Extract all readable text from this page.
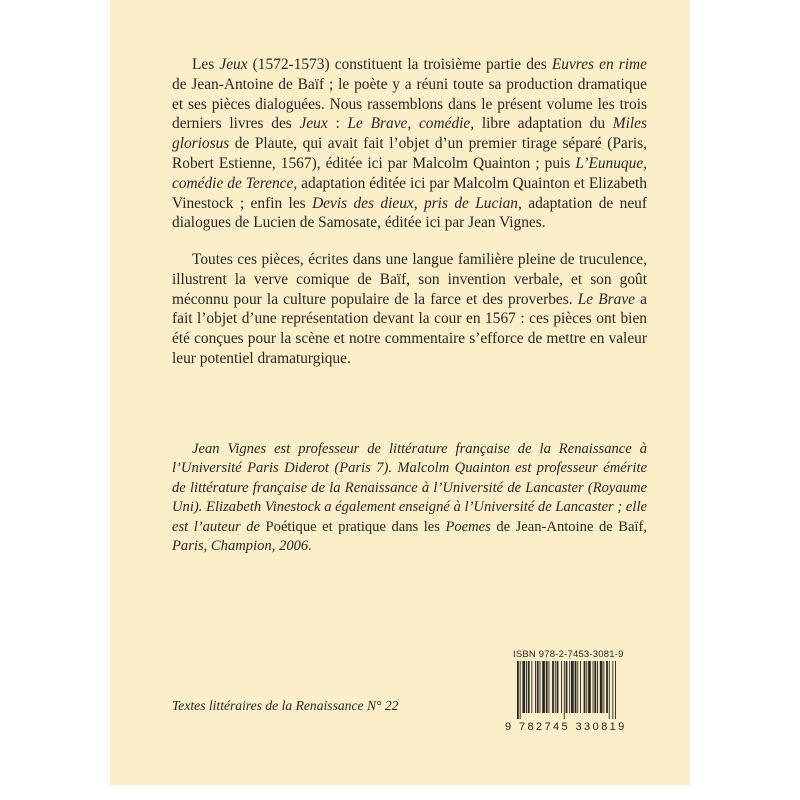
Les Jeux (1572-1573) constituent la troisième partie des Euvres en rime de Jean-Antoine de Baïf ; le poète y a réuni toute sa production dramatique et ses pièces dialoguées. Nous rassemblons dans le présent volume les trois derniers livres des Jeux : Le Brave, comédie, libre adaptation du Miles gloriosus de Plaute, qui avait fait l’objet d’un premier tirage séparé (Paris, Robert Estienne, 1567), éditée ici par Malcolm Quainton ; puis L’Eunuque, comédie de Terence, adaptation éditée ici par Malcolm Quainton et Elizabeth Vinestock ; enfin les Devis des dieux, pris de Lucian, adaptation de neuf dialogues de Lucien de Samosate, éditée ici par Jean Vignes.

Toutes ces pièces, écrites dans une langue familière pleine de truculence, illustrent la verve comique de Baïf, son invention verbale, et son goût méconnu pour la culture populaire de la farce et des proverbes. Le Brave a fait l’objet d’une représentation devant la cour en 1567 : ces pièces ont bien été conçues pour la scène et notre commentaire s’efforce de mettre en valeur leur potentiel dramaturgique.

Jean Vignes est professeur de littérature française de la Renaissance à l’Université Paris Diderot (Paris 7). Malcolm Quainton est professeur émérite de littérature française de la Renaissance à l’Université de Lancaster (Royaume Uni). Elizabeth Vinestock a également enseigné à l’Université de Lancaster ; elle est l’auteur de Poétique et pratique dans les Poemes de Jean-Antoine de Baïf, Paris, Champion, 2006.

Textes littéraires de la Renaissance N° 22

ISBN 978-2-7453-3081-9
9 782745 330819
